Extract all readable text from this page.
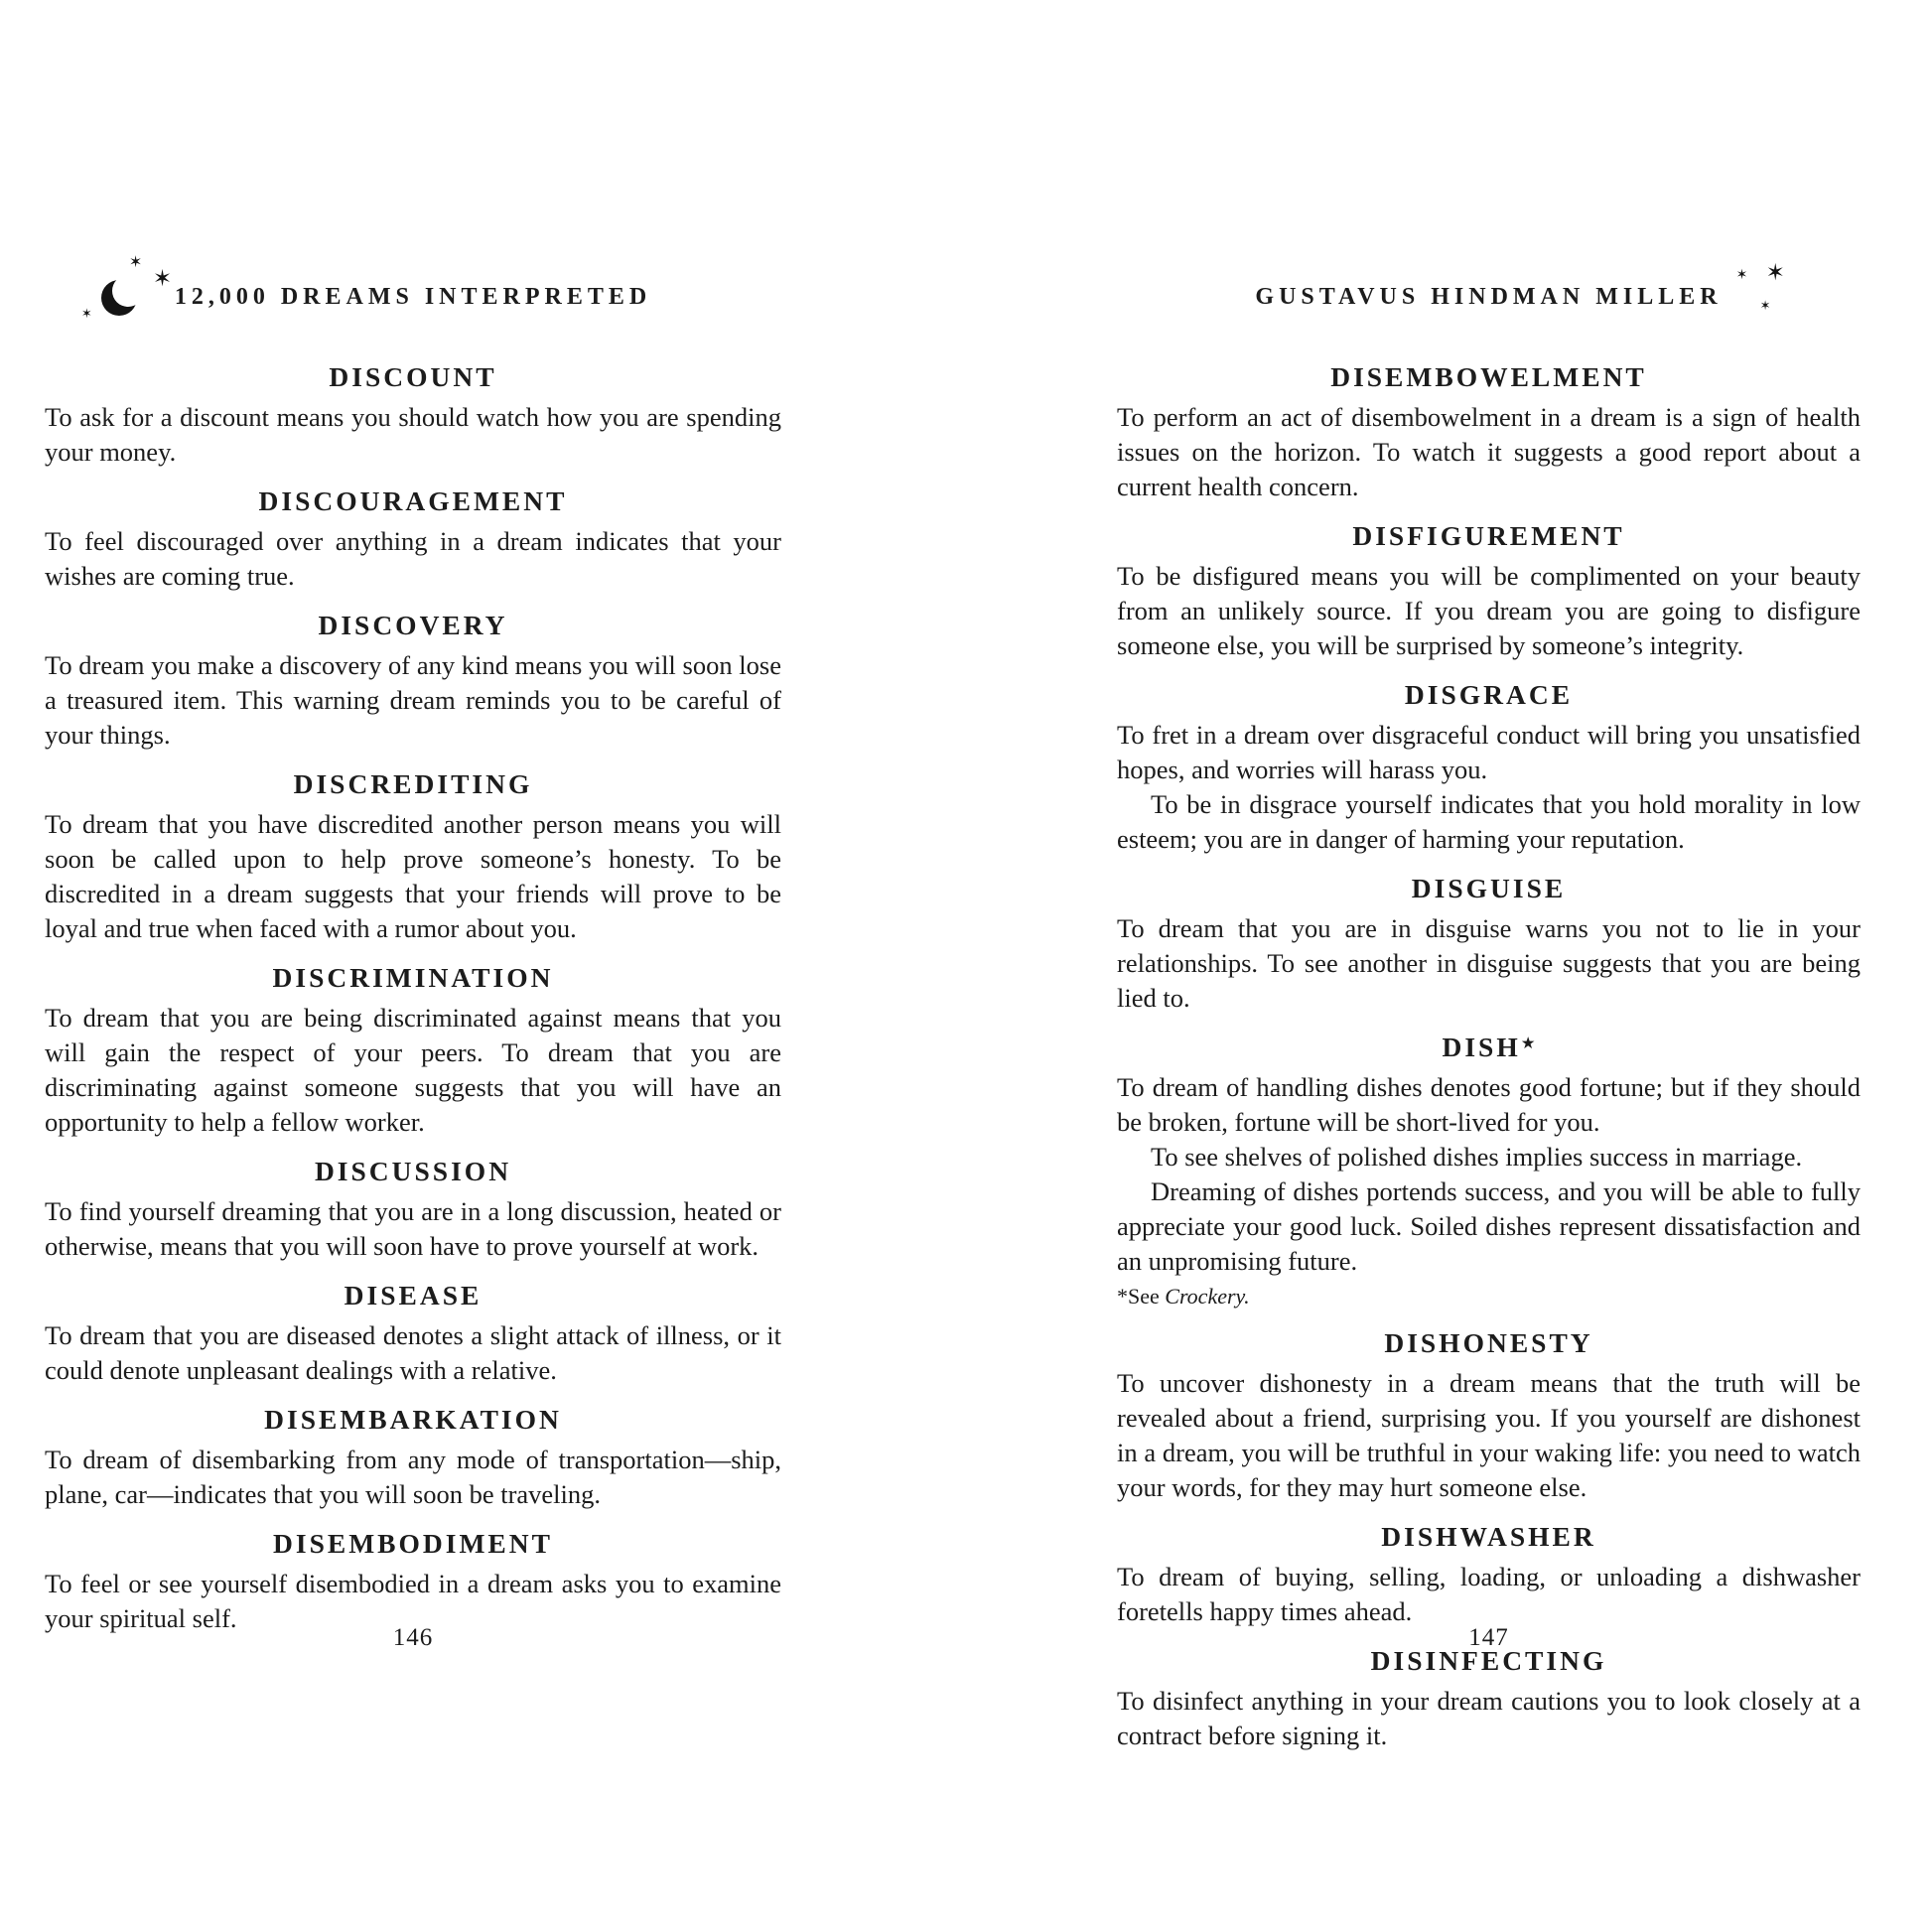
12,000 DREAMS INTERPRETED
✶
✶
✶
DISCOUNT

To ask for a discount means you should watch how you are spending your money.

DISCOURAGEMENT

To feel discouraged over anything in a dream indicates that your wishes are coming true.

DISCOVERY

To dream you make a discovery of any kind means you will soon lose a treasured item. This warning dream reminds you to be careful of your things.

DISCREDITING

To dream that you have discredited another person means you will soon be called upon to help prove someone’s honesty. To be discredited in a dream suggests that your friends will prove to be loyal and true when faced with a rumor about you.

DISCRIMINATION

To dream that you are being discriminated against means that you will gain the respect of your peers. To dream that you are discriminating against someone suggests that you will have an opportunity to help a fellow worker.

DISCUSSION

To find yourself dreaming that you are in a long discussion, heated or otherwise, means that you will soon have to prove yourself at work.

DISEASE

To dream that you are diseased denotes a slight attack of illness, or it could denote unpleasant dealings with a relative.

DISEMBARKATION

To dream of disembarking from any mode of transportation—ship, plane, car—indicates that you will soon be traveling.

DISEMBODIMENT

To feel or see yourself disembodied in a dream asks you to examine your spiritual self.

GUSTAVUS HINDMAN MILLER
✶ ✶
✶
DISEMBOWELMENT

To perform an act of disembowelment in a dream is a sign of health issues on the horizon. To watch it suggests a good report about a current health concern.

DISFIGUREMENT

To be disfigured means you will be complimented on your beauty from an unlikely source. If you dream you are going to disfigure someone else, you will be surprised by someone’s integrity.

DISGRACE

To fret in a dream over disgraceful conduct will bring you unsatisfied hopes, and worries will harass you.

To be in disgrace yourself indicates that you hold morality in low esteem; you are in danger of harming your reputation.

DISGUISE

To dream that you are in disguise warns you not to lie in your relationships. To see another in disguise suggests that you are being lied to.

DISH★

To dream of handling dishes denotes good fortune; but if they should be broken, fortune will be short-lived for you.

To see shelves of polished dishes implies success in marriage.

Dreaming of dishes portends success, and you will be able to fully appreciate your good luck. Soiled dishes represent dissatisfaction and an unpromising future.

*See Crockery.
DISHONESTY

To uncover dishonesty in a dream means that the truth will be revealed about a friend, surprising you. If you yourself are dishonest in a dream, you will be truthful in your waking life: you need to watch your words, for they may hurt someone else.

DISHWASHER

To dream of buying, selling, loading, or unloading a dishwasher foretells happy times ahead.

DISINFECTING

To disinfect anything in your dream cautions you to look closely at a contract before signing it.

146	147
